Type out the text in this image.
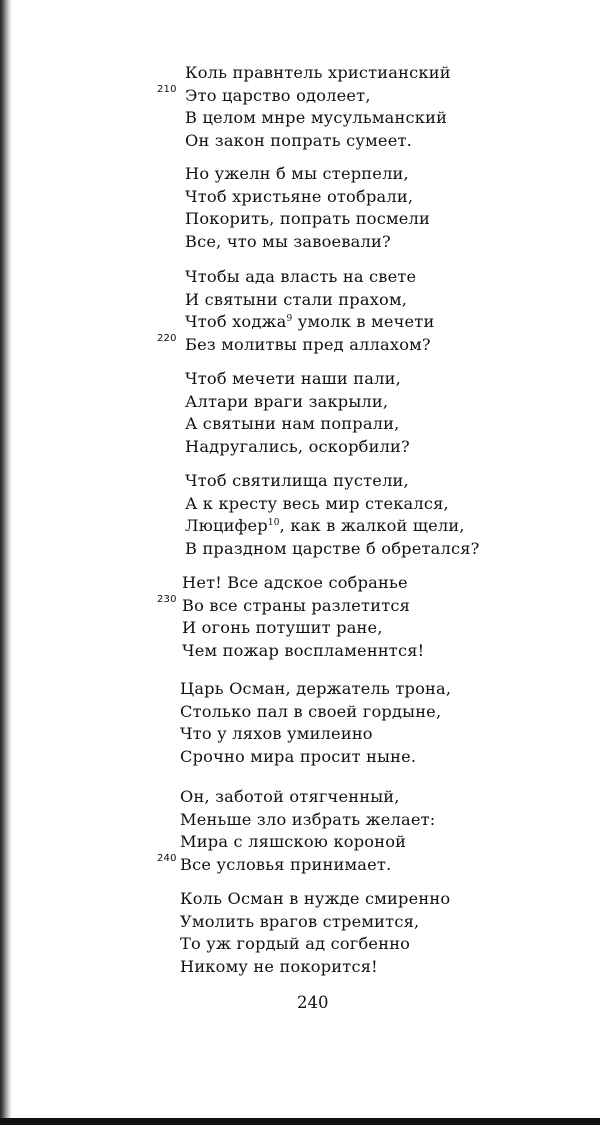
Коль правнтель христианский
210 Это царство одолеет,
В целом мнре мусульманский
Он закон попрать сумеет.
Но ужелн б мы стерпели,
Чтоб христьяне отобрали,
Покорить, попрать посмели
Все, что мы завоевали?
Чтобы ада власть на свете
И святыни стали прахом,
Чтоб ходжа$^9$ умолк в мечети
220 Без молитвы пред аллахом?
Чтоб мечети наши пали,
Алтари враги закрыли,
А святыни нам попрали,
Надругались, оскорбили?
Чтоб святилища пустели,
А к кресту весь мир стекался,
Люцифер$^{10}$, как в жалкой щели,
В праздном царстве б обретался?
Нет! Все адское собранье
230 Во все страны разлетится
И огонь потушит ране,
Чем пожар воспламеннтся!
Царь Осман, держатель трона,
Столько пал в своей гордыне,
Что у ляхов умилеино
Срочно мира просит ныне.
Он, заботой отягченный,
Меньше зло избрать желает:
Мира с ляшскою короной
240 Все условья принимает.
Коль Осман в нужде смиренно
Умолить врагов стремится,
То уж гордый ад согбенно
Никому не покорится!
240
